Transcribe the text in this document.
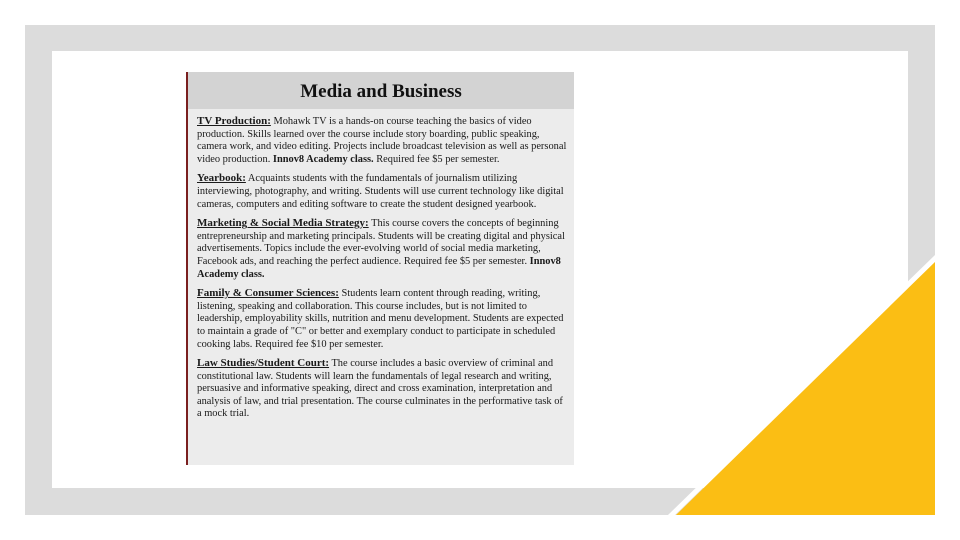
Media and Business
TV Production: Mohawk TV is a hands-on course teaching the basics of video production. Skills learned over the course include story boarding, public speaking, camera work, and video editing. Projects include broadcast television as well as personal video production. Innov8 Academy class. Required fee $5 per semester.
Yearbook: Acquaints students with the fundamentals of journalism utilizing interviewing, photography, and writing. Students will use current technology like digital cameras, computers and editing software to create the student designed yearbook.
Marketing & Social Media Strategy: This course covers the concepts of beginning entrepreneurship and marketing principals. Students will be creating digital and physical advertisements. Topics include the ever-evolving world of social media marketing, Facebook ads, and reaching the perfect audience. Required fee $5 per semester. Innov8 Academy class.
Family & Consumer Sciences: Students learn content through reading, writing, listening, speaking and collaboration. This course includes, but is not limited to leadership, employability skills, nutrition and menu development. Students are expected to maintain a grade of "C" or better and exemplary conduct to participate in scheduled cooking labs. Required fee $10 per semester.
Law Studies/Student Court: The course includes a basic overview of criminal and constitutional law. Students will learn the fundamentals of legal research and writing, persuasive and informative speaking, direct and cross examination, interpretation and analysis of law, and trial presentation. The course culminates in the performative task of a mock trial.
